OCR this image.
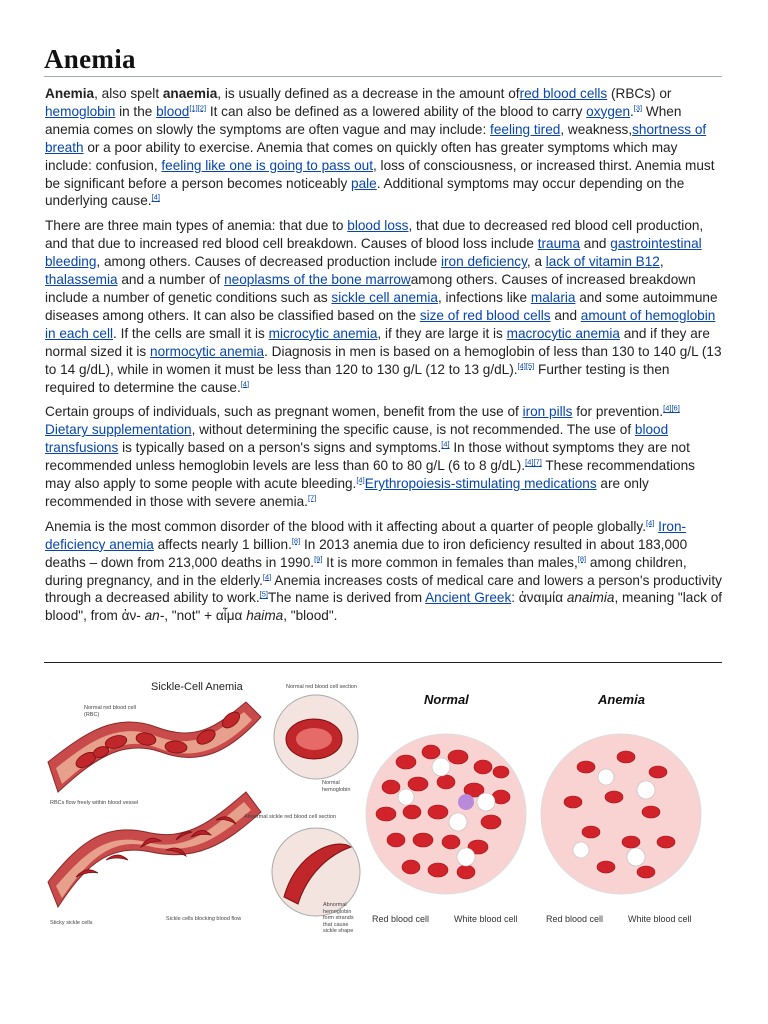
Anemia

Anemia, also spelt anaemia, is usually defined as a decrease in the amount ofred blood cells (RBCs) or hemoglobin in the blood[1][2] It can also be defined as a lowered ability of the blood to carry oxygen.[3] When anemia comes on slowly the symptoms are often vague and may include: feeling tired, weakness,shortness of breath or a poor ability to exercise. Anemia that comes on quickly often has greater symptoms which may include: confusion, feeling like one is going to pass out, loss of consciousness, or increased thirst. Anemia must be significant before a person becomes noticeably pale. Additional symptoms may occur depending on the underlying cause.[4]

There are three main types of anemia: that due to blood loss, that due to decreased red blood cell production, and that due to increased red blood cell breakdown. Causes of blood loss include trauma and gastrointestinal bleeding, among others. Causes of decreased production include iron deficiency, a lack of vitamin B12, thalassemia and a number of neoplasms of the bone marrowamong others. Causes of increased breakdown include a number of genetic conditions such as sickle cell anemia, infections like malaria and some autoimmune diseases among others. It can also be classified based on the size of red blood cells and amount of hemoglobin in each cell. If the cells are small it is microcytic anemia, if they are large it is macrocytic anemia and if they are normal sized it is normocytic anemia. Diagnosis in men is based on a hemoglobin of less than 130 to 140 g/L (13 to 14 g/dL), while in women it must be less than 120 to 130 g/L (12 to 13 g/dL).[4][5] Further testing is then required to determine the cause.[4]

Certain groups of individuals, such as pregnant women, benefit from the use of iron pills for prevention.[4][6] Dietary supplementation, without determining the specific cause, is not recommended. The use of blood transfusions is typically based on a person's signs and symptoms.[4] In those without symptoms they are not recommended unless hemoglobin levels are less than 60 to 80 g/L (6 to 8 g/dL).[4][7] These recommendations may also apply to some people with acute bleeding.[4]Erythropoiesis-stimulating medications are only recommended in those with severe anemia.[7]

Anemia is the most common disorder of the blood with it affecting about a quarter of people globally.[4] Iron-deficiency anemia affects nearly 1 billion.[8] In 2013 anemia due to iron deficiency resulted in about 183,000 deaths – down from 213,000 deaths in 1990.[9] It is more common in females than males,[8] among children, during pregnancy, and in the elderly.[4] Anemia increases costs of medical care and lowers a person's productivity through a decreased ability to work.[5]The name is derived from Ancient Greek: ἀναιμία anaimia, meaning "lack of blood", from ἀν- an-, "not" + αἷμα haima, "blood".

Sickle-Cell Anemia
Normal red blood cell (RBC)
Normal red blood cell section
Normal hemoglobin
RBCs flow freely within blood vessel
Abnormal sickle red blood cell section
Abnormal hemoglobin form strands that cause sickle shape
Sticky sickle cells
Sickle cells blocking blood flow
Normal	Anemia
Red blood cell	White blood cell	Red blood cell	White blood cell
